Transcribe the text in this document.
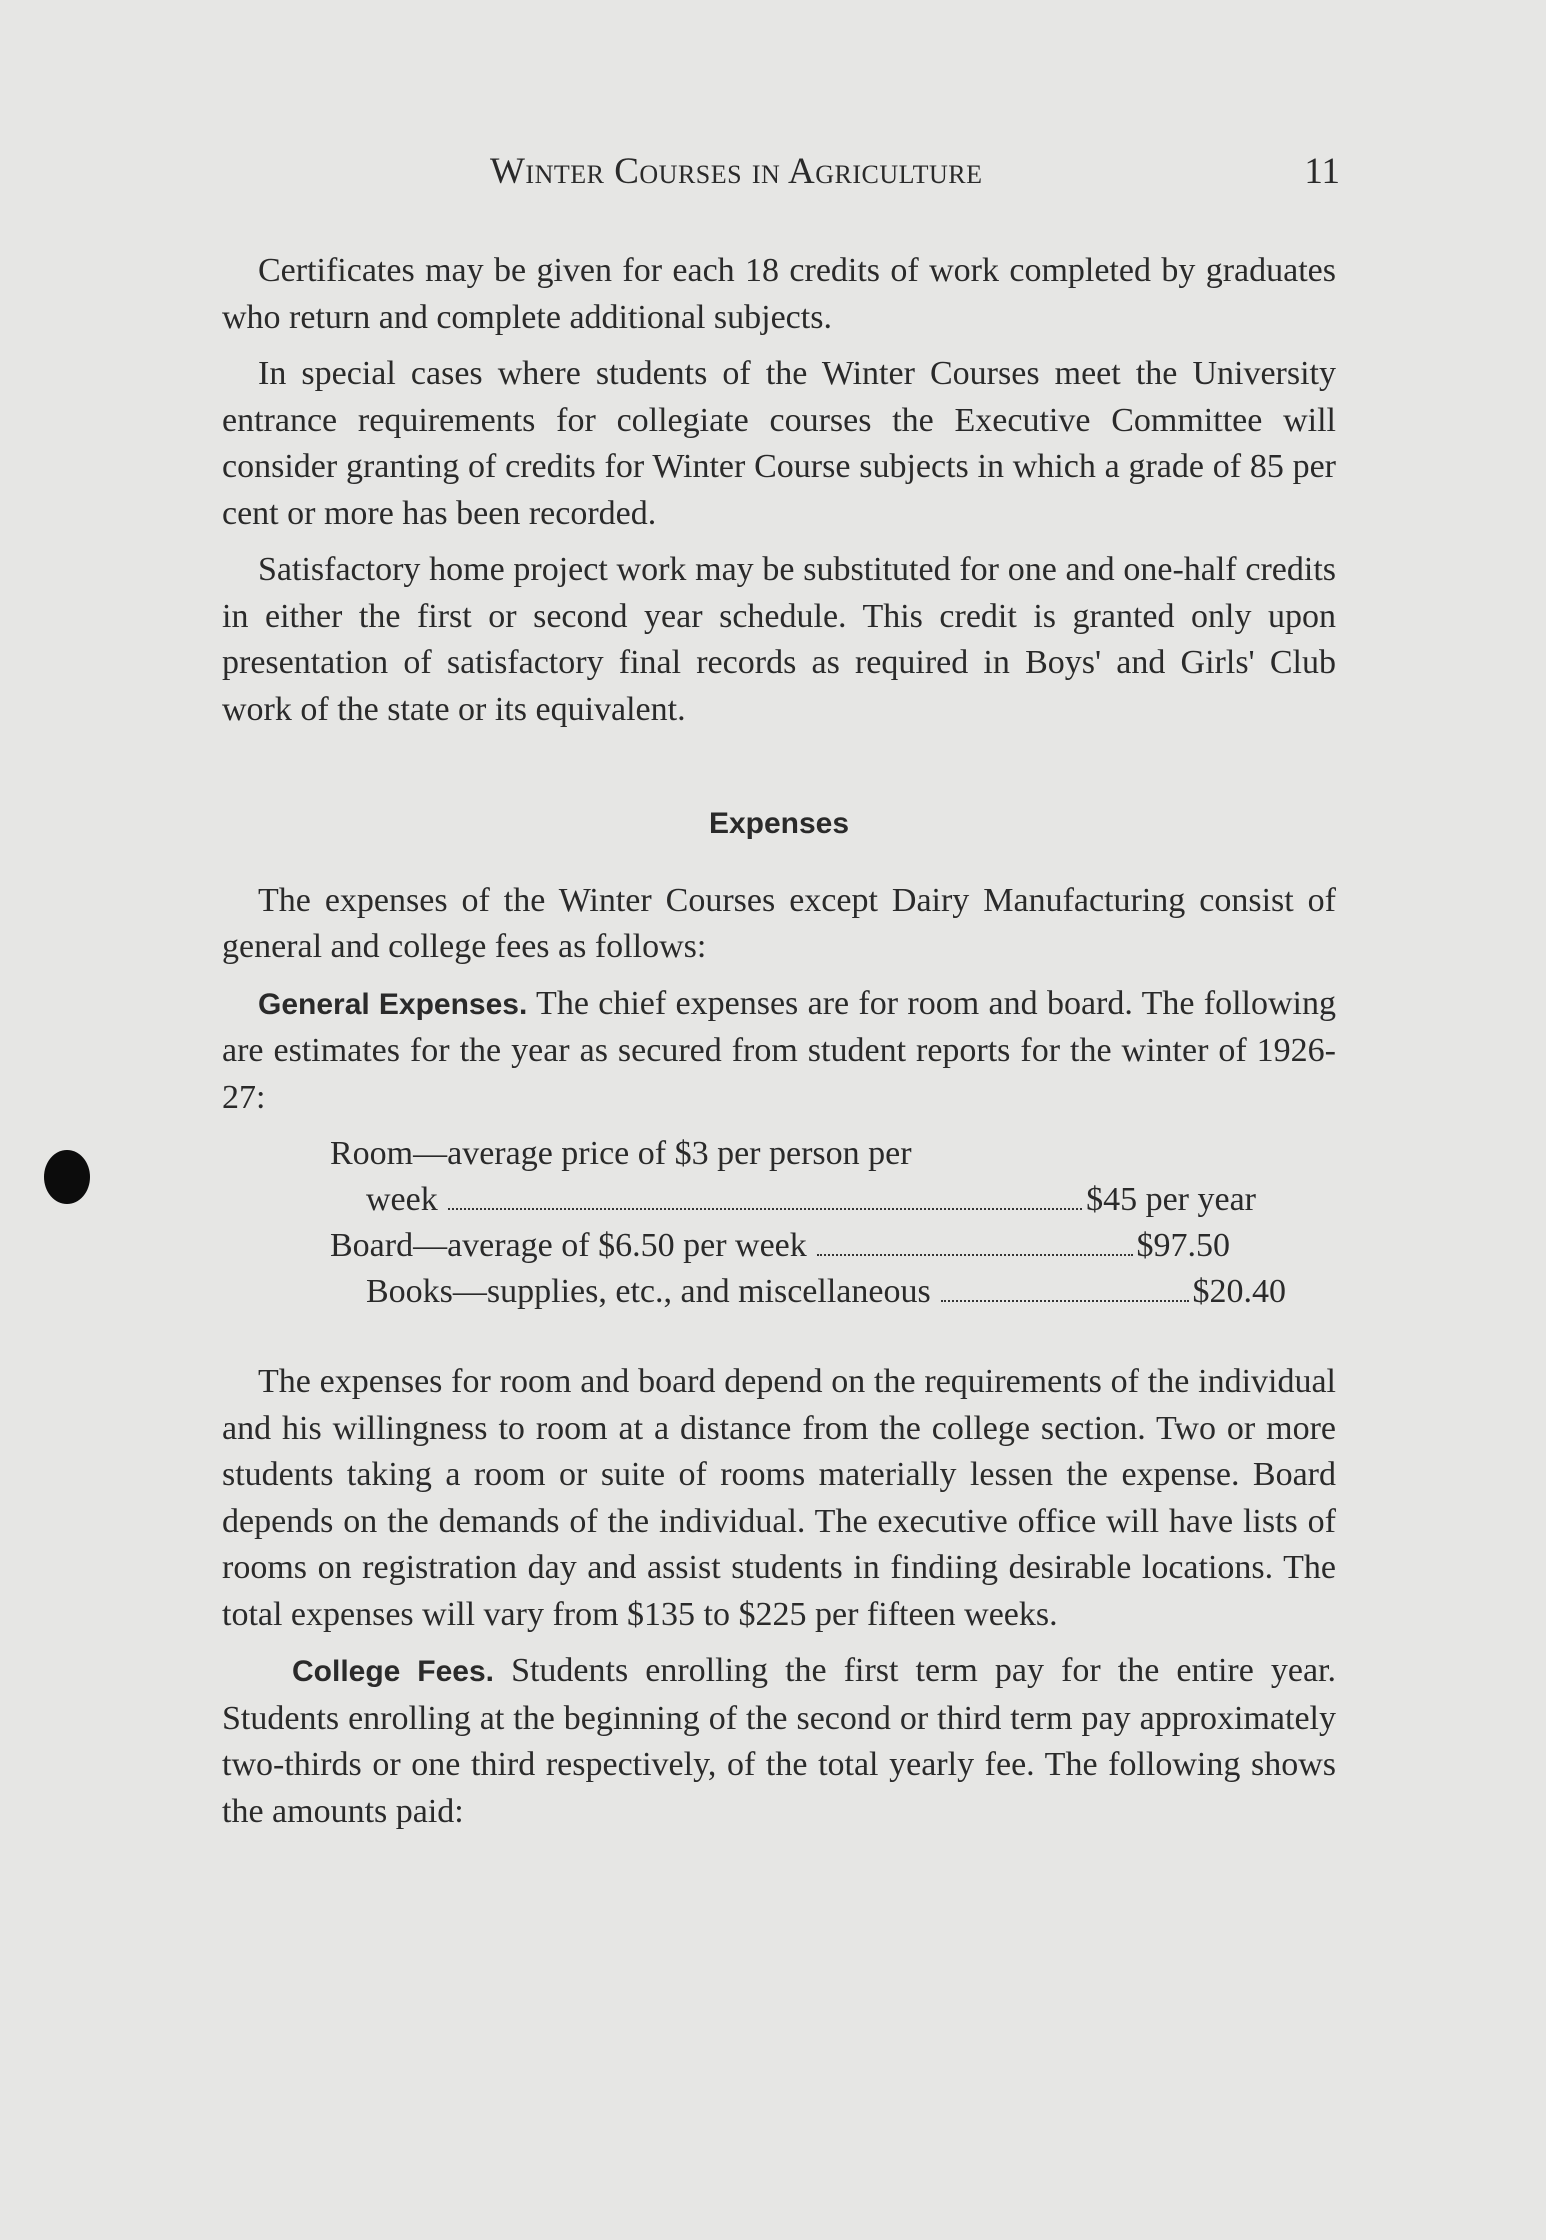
Winter Courses in Agriculture	11

Certificates may be given for each 18 credits of work completed by graduates who return and complete additional subjects.

In special cases where students of the Winter Courses meet the University entrance requirements for collegiate courses the Executive Committee will consider granting of credits for Winter Course subjects in which a grade of 85 per cent or more has been recorded.

Satisfactory home project work may be substituted for one and one-half credits in either the first or second year schedule. This credit is granted only upon presentation of satisfactory final records as required in Boys' and Girls' Club work of the state or its equivalent.

Expenses

The expenses of the Winter Courses except Dairy Manufacturing consist of general and college fees as follows:

General Expenses. The chief expenses are for room and board. The following are estimates for the year as secured from student reports for the winter of 1926-27:

Room—average price of $3 per person per
week	$45 per year
Board—average of $6.50 per week	$97.50
Books—supplies, etc., and miscellaneous	$20.40

The expenses for room and board depend on the requirements of the individual and his willingness to room at a distance from the college section. Two or more students taking a room or suite of rooms materially lessen the expense. Board depends on the demands of the individual. The executive office will have lists of rooms on registration day and assist students in findiing desirable locations. The total expenses will vary from $135 to $225 per fifteen weeks.

College Fees. Students enrolling the first term pay for the entire year. Students enrolling at the beginning of the second or third term pay approximately two-thirds or one third respectively, of the total yearly fee. The following shows the amounts paid:
